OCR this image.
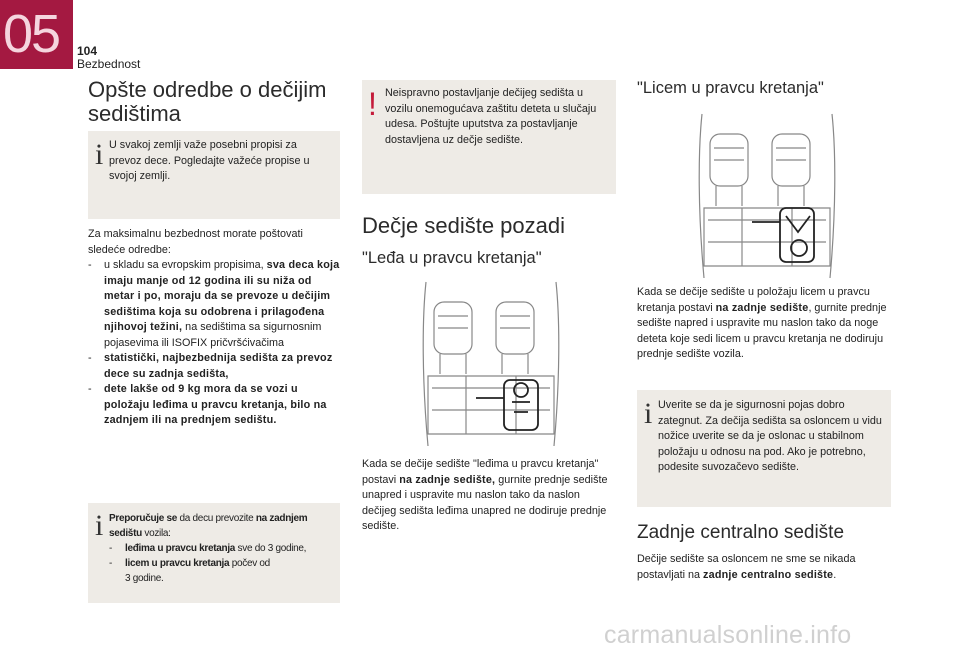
05 104
Bezbednost
Opšte odredbe o dečijim sedištima
i U svakoj zemlji važe posebni propisi za prevoz dece. Pogledajte važeće propise u svojoj zemlji.
Za maksimalnu bezbednost morate poštovati
sledeće odredbe:
- u skladu sa evropskim propisima, sva deca koja imaju manje od 12 godina ili su niža od metar i po, moraju da se prevoze u dečijim sedištima koja su odobrena i prilagođena njihovoj težini, na sedištima sa sigurnosnim pojasevima ili ISOFIX pričvršćivačima
- statistički, najbezbednija sedišta za prevoz dece su zadnja sedišta,
- dete lakše od 9 kg mora da se vozi u položaju leđima u pravcu kretanja, bilo na zadnjem ili na prednjem sedištu.
i Preporučuje se da decu prevozite na zadnjem sedištu vozila:
- leđima u pravcu kretanja sve do 3 godine,
- licem u pravcu kretanja počev od
3 godine.
! Neispravno postavljanje dečijeg sedišta u vozilu onemogućava zaštitu deteta u slučaju udesa. Poštujte uputstva za postavljanje dostavljena uz dečje sedište.
Dečje sedište pozadi
"Leđa u pravcu kretanja"
Kada se dečije sedište "leđima u pravcu kretanja" postavi na zadnje sedište, gurnite prednje sedište unapred i uspravite mu naslon tako da naslon dečijeg sedišta leđima unapred ne dodiruje prednje sedište.
"Licem u pravcu kretanja"
Kada se dečije sedište u položaju licem u pravcu kretanja postavi na zadnje sedište, gurnite prednje sedište napred i uspravite mu naslon tako da noge deteta koje sedi licem u pravcu kretanja ne dodiruju prednje sedište vozila.
i Uverite se da je sigurnosni pojas dobro zategnut. Za dečija sedišta sa osloncem u vidu nožice uverite se da je oslonac u stabilnom položaju u odnosu na pod. Ako je potrebno, podesite suvozačevo sedište.
Zadnje centralno sedište
Dečije sedište sa osloncem ne sme se nikada postavljati na zadnje centralno sedište.
carmanualsonline.info
